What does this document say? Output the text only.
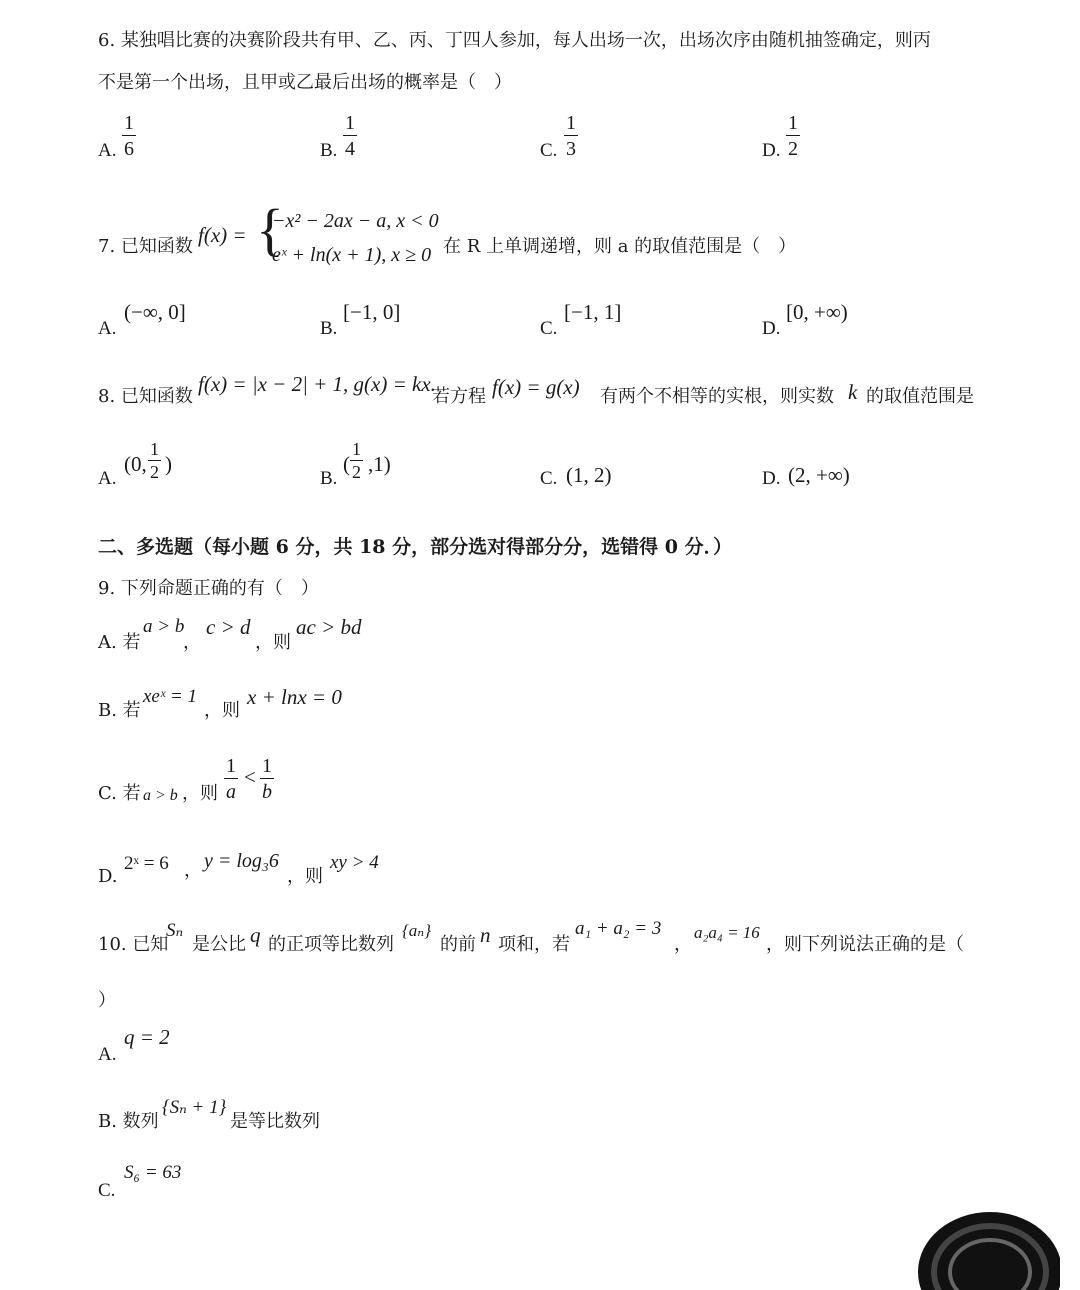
6. 某独唱比赛的决赛阶段共有甲、乙、丙、丁四人参加，每人出场一次，出场次序由随机抽签确定，则丙
不是第一个出场，且甲或乙最后出场的概率是（　）
A. $\frac{1}{6}$	B. $\frac{1}{4}$	C. $\frac{1}{3}$	D. $\frac{1}{2}$
7. 已知函数 f(x) = {
−x² − 2ax − a, x < 0
eˣ + ln(x + 1), x ≥ 0 在 R 上单调递增，则 a 的取值范围是（　）
A.
(−∞, 0]
B.
[−1, 0]
C.
[−1, 1]
D.
[0, +∞)
8. 已知函数
f(x) = |x − 2| + 1, g(x) = kx.
若方程 f(x) = g(x) 有两个不相等的实根，则实数 k 的取值范围是
A.
(0, $\frac{1}{2}$ )
B.
( $\frac{1}{2} ,1$)
C. (1, 2)	D. (2, +∞)
二、多选题（每小题 6 分，共 18 分，部分选对得部分分，选错得 0 分．）
9. 下列命题正确的有（　）
A. 若
a > b
，
c > d
，则
ac > bd
B. 若
xeˣ = 1
，则
x + lnx = 0
C. 若 a > b ，则 $\frac{1}{a} < \frac{1}{b}$
D.
2ˣ = 6 ， y = log₃6
，则
xy > 4
10. 已知
Sₙ
是公比 q 的正项等比数列
{aₙ}
的前 n 项和，若
a₁ + a₂ = 3
，
a₂a₄ = 16
，则下列说法正确的是（
）
A.
q = 2
B. 数列
{Sₙ + 1}
是等比数列
C.
S₆ = 63
